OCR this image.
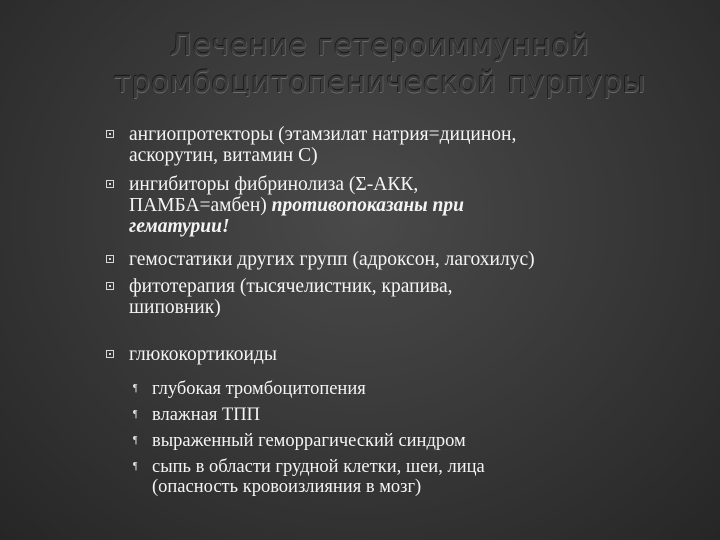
Лечение гетероиммунной
тромбоцитопенической пурпуры
ангиопротекторы (этамзилат натрия=дицинон,
аскорутин, витамин С)
ингибиторы фибринолиза (Σ-АКК,
ПАМБА=амбен) противопоказаны при
гематурии!
гемостатики других групп (адроксон, лагохилус)
фитотерапия (тысячелистник, крапива,
шиповник)
глюкокортикоиды
¶ глубокая тромбоцитопения
¶ влажная ТПП
¶ выраженный геморрагический синдром
¶ сыпь в области грудной клетки, шеи, лица
(опасность кровоизлияния в мозг)
